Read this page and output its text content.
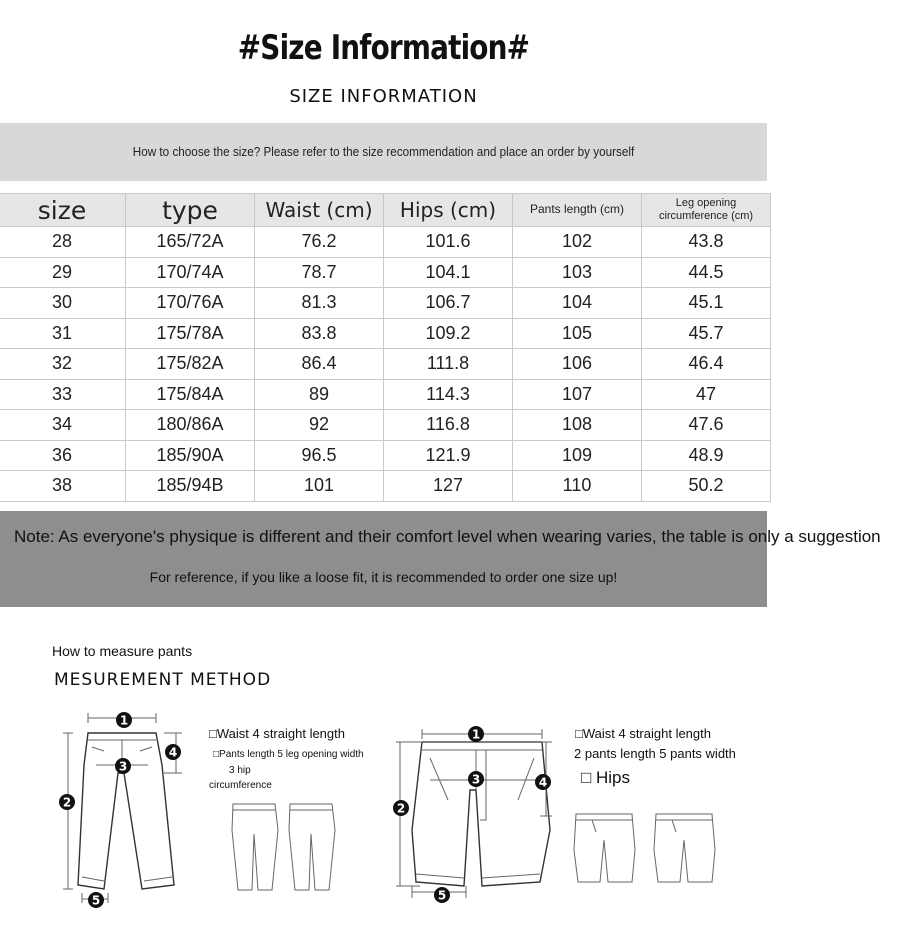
#Size Information#
SIZE INFORMATION
How to choose the size? Please refer to the size recommendation and place an order by yourself
size	type	Waist (cm)	Hips (cm)	Pants length (cm)	Leg opening circumference (cm)
28	165/72A	76.2	101.6	102	43.8
29	170/74A	78.7	104.1	103	44.5
30	170/76A	81.3	106.7	104	45.1
31	175/78A	83.8	109.2	105	45.7
32	175/82A	86.4	111.8	106	46.4
33	175/84A	89	114.3	107	47
34	180/86A	92	116.8	108	47.6
36	185/90A	96.5	121.9	109	48.9
38	185/94B	101	127	110	50.2
Note: As everyone's physique is different and their comfort level when wearing varies, the table is only a suggestion
For reference, if you like a loose fit, it is recommended to order one size up!
How to measure pants
MESUREMENT METHOD
1
2
3
4
5
□Waist 4 straight length
□Pants length 5 leg opening width
3 hip
circumference
1
2
3	4
5
□Waist 4 straight length
2 pants length 5 pants width
□ Hips
